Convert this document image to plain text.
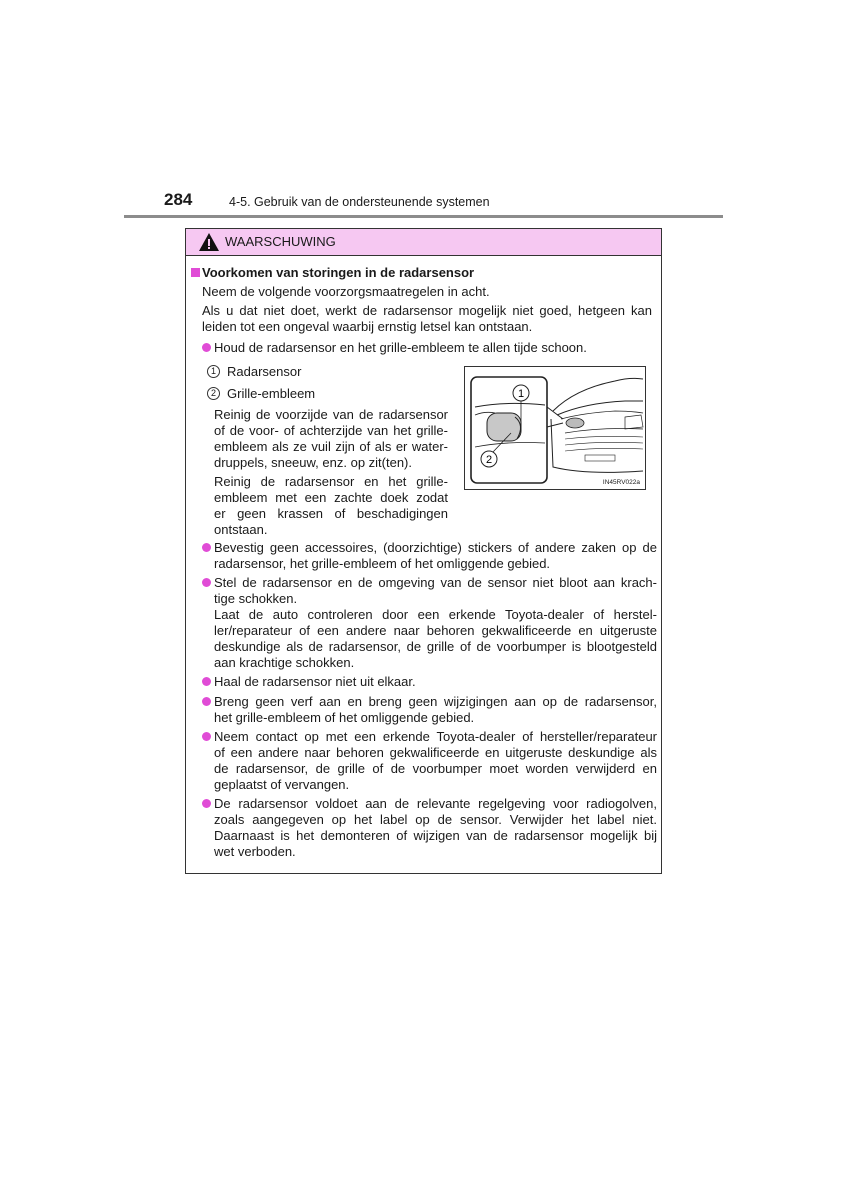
284	4-5. Gebruik van de ondersteunende systemen
WAARSCHUWING
Voorkomen van storingen in de radarsensor
Neem de volgende voorzorgsmaatregelen in acht.
Als u dat niet doet, werkt de radarsensor mogelijk niet goed, hetgeen kan
leiden tot een ongeval waarbij ernstig letsel kan ontstaan.
Houd de radarsensor en het grille-embleem te allen tijde schoon.
1 Radarsensor
2 Grille-embleem
Reinig de voorzijde van de radarsensor
of de voor- of achterzijde van het grille-
embleem als ze vuil zijn of als er water-
druppels, sneeuw, enz. op zit(ten).
Reinig de radarsensor en het grille-
embleem met een zachte doek zodat
er geen krassen of beschadigingen
ontstaan.
1
2
IN45RV022a
Bevestig geen accessoires, (doorzichtige) stickers of andere zaken op de
radarsensor, het grille-embleem of het omliggende gebied.
Stel de radarsensor en de omgeving van de sensor niet bloot aan krach-
tige schokken.
Laat de auto controleren door een erkende Toyota-dealer of herstel-
ler/reparateur of een andere naar behoren gekwalificeerde en uitgeruste
deskundige als de radarsensor, de grille of de voorbumper is blootgesteld
aan krachtige schokken.
Haal de radarsensor niet uit elkaar.
Breng geen verf aan en breng geen wijzigingen aan op de radarsensor,
het grille-embleem of het omliggende gebied.
Neem contact op met een erkende Toyota-dealer of hersteller/reparateur
of een andere naar behoren gekwalificeerde en uitgeruste deskundige als
de radarsensor, de grille of de voorbumper moet worden verwijderd en
geplaatst of vervangen.
De radarsensor voldoet aan de relevante regelgeving voor radiogolven,
zoals aangegeven op het label op de sensor. Verwijder het label niet.
Daarnaast is het demonteren of wijzigen van de radarsensor mogelijk bij
wet verboden.
